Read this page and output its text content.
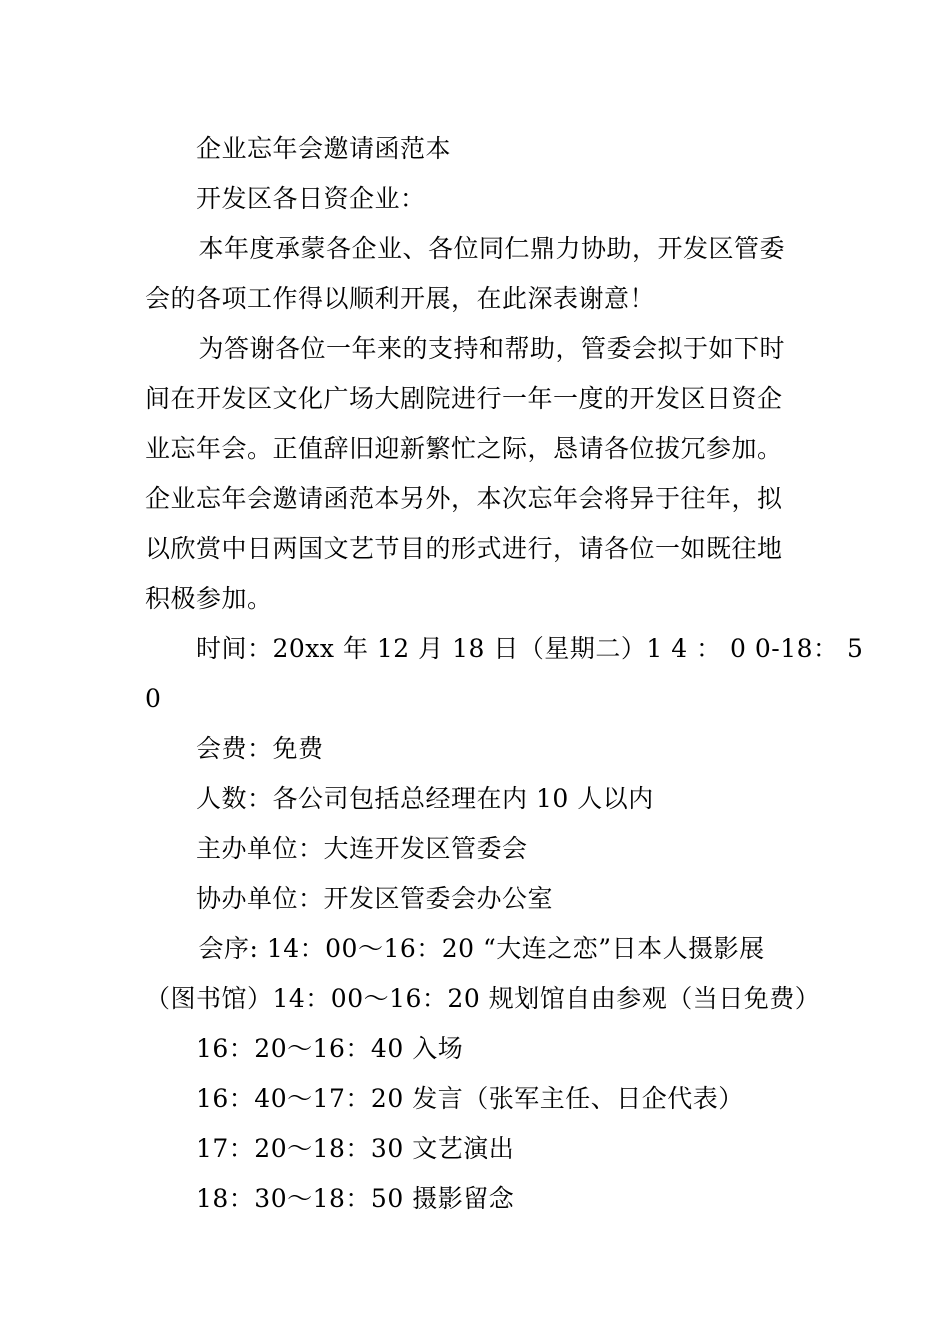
企业忘年会邀请函范本
开发区各日资企业：
本年度承蒙各企业、各位同仁鼎力协助，开发区管委
会的各项工作得以顺利开展，在此深表谢意！
为答谢各位一年来的支持和帮助，管委会拟于如下时
间在开发区文化广场大剧院进行一年一度的开发区日资企
业忘年会。正值辞旧迎新繁忙之际，恳请各位拔冗参加。
企业忘年会邀请函范本另外，本次忘年会将异于往年，拟
以欣赏中日两国文艺节目的形式进行，请各位一如既往地
积极参加。
时间：20xx 年 12 月 18 日（星期二）1 4 ： 0 0-18： 5
0
会费：免费
人数：各公司包括总经理在内 10 人以内
主办单位：大连开发区管委会
协办单位：开发区管委会办公室
会序: 14：00～16：20 “大连之恋”日本人摄影展
（图书馆）14：00～16：20 规划馆自由参观（当日免费）
16：20～16：40 入场
16：40～17：20 发言（张军主任、日企代表）
17：20～18：30 文艺演出
18：30～18：50 摄影留念
